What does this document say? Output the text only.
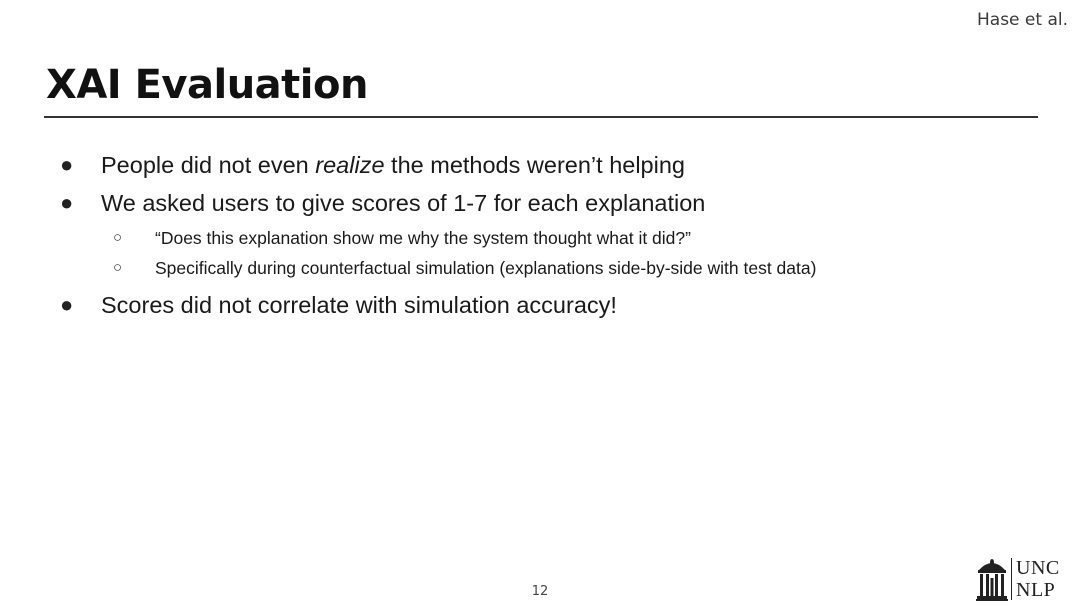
Hase et al.
XAI Evaluation
● People did not even realize the methods weren’t helping
● We asked users to give scores of 1-7 for each explanation
○ “Does this explanation show me why the system thought what it did?”
○ Specifically during counterfactual simulation (explanations side-by-side with test data)
● Scores did not correlate with simulation accuracy!
12
UNC
NLP
